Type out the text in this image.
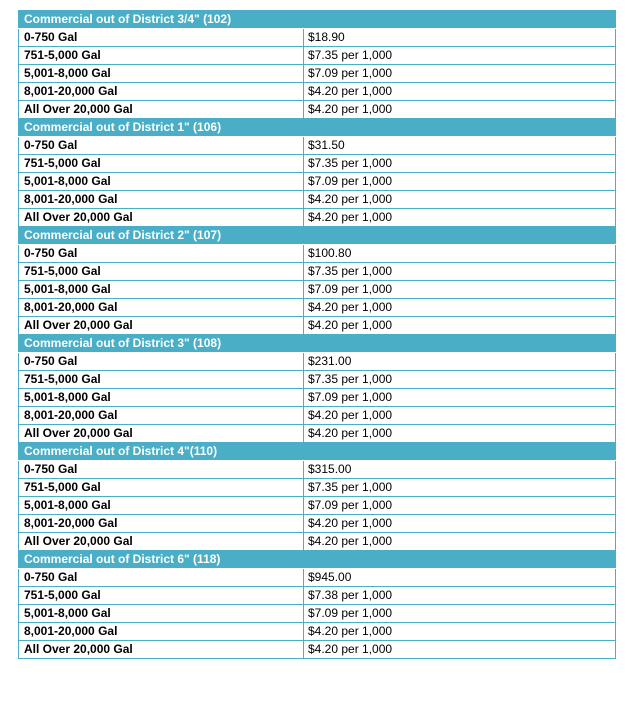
Commercial out of District 3/4" (102)	
0-750 Gal	$18.90
751-5,000 Gal	$7.35 per 1,000
5,001-8,000 Gal	$7.09 per 1,000
8,001-20,000 Gal	$4.20 per 1,000
All Over 20,000 Gal	$4.20 per 1,000
Commercial out of District 1" (106)	
0-750 Gal	$31.50
751-5,000 Gal	$7.35 per 1,000
5,001-8,000 Gal	$7.09 per 1,000
8,001-20,000 Gal	$4.20 per 1,000
All Over 20,000 Gal	$4.20 per 1,000
Commercial out of District 2" (107)	
0-750 Gal	$100.80
751-5,000 Gal	$7.35 per 1,000
5,001-8,000 Gal	$7.09 per 1,000
8,001-20,000 Gal	$4.20 per 1,000
All Over 20,000 Gal	$4.20 per 1,000
Commercial out of District 3" (108)	
0-750 Gal	$231.00
751-5,000 Gal	$7.35 per 1,000
5,001-8,000 Gal	$7.09 per 1,000
8,001-20,000 Gal	$4.20 per 1,000
All Over 20,000 Gal	$4.20 per 1,000
Commercial out of District 4"(110)	
0-750 Gal	$315.00
751-5,000 Gal	$7.35 per 1,000
5,001-8,000 Gal	$7.09 per 1,000
8,001-20,000 Gal	$4.20 per 1,000
All Over 20,000 Gal	$4.20 per 1,000
Commercial out of District 6" (118)	
0-750 Gal	$945.00
751-5,000 Gal	$7.38 per 1,000
5,001-8,000 Gal	$7.09 per 1,000
8,001-20,000 Gal	$4.20 per 1,000
All Over 20,000 Gal	$4.20 per 1,000
